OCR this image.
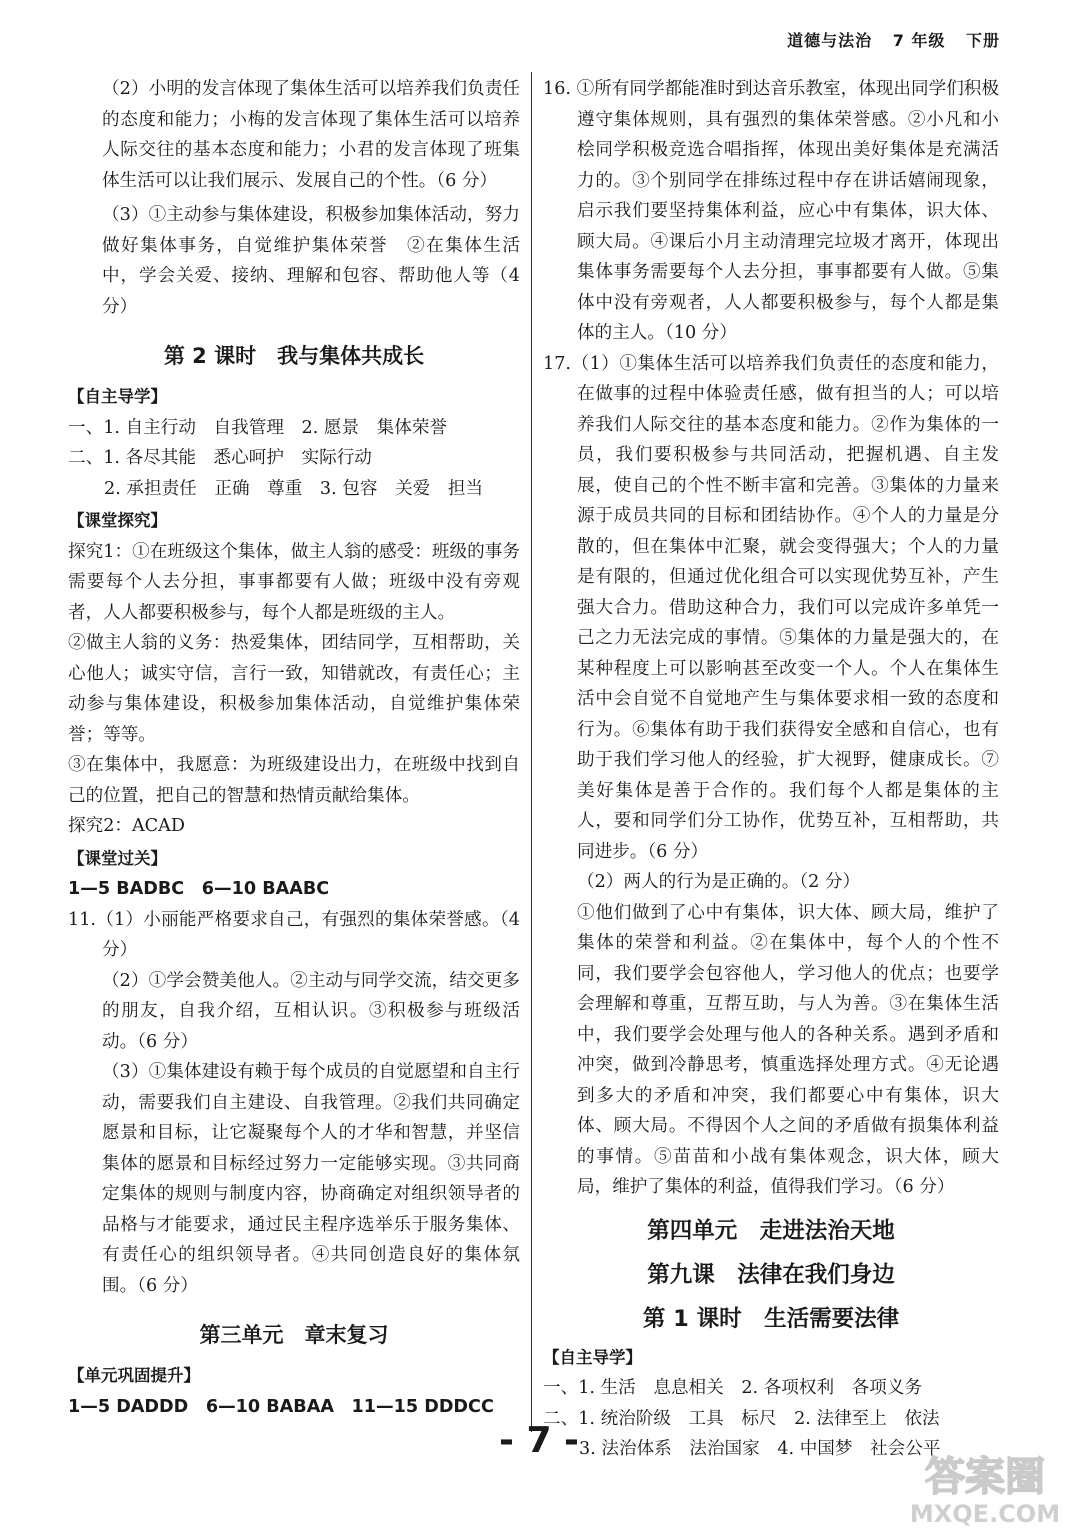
道德与法治 7 年级 下册

（2）小明的发言体现了集体生活可以培养我们负责任的态度和能力；小梅的发言体现了集体生活可以培养人际交往的基本态度和能力；小君的发言体现了班集体生活可以让我们展示、发展自己的个性。（6 分）

（3）①主动参与集体建设，积极参加集体活动，努力做好集体事务，自觉维护集体荣誉　②在集体生活中，学会关爱、接纳、理解和包容、帮助他人等（4 分）

第 2 课时　我与集体共成长

【自主导学】

一、1. 自主行动　自我管理　2. 愿景　集体荣誉

二、1. 各尽其能　悉心呵护　实际行动

2. 承担责任　正确　尊重　3. 包容　关爱　担当

【课堂探究】

探究1：①在班级这个集体，做主人翁的感受：班级的事务需要每个人去分担，事事都要有人做；班级中没有旁观者，人人都要积极参与，每个人都是班级的主人。

②做主人翁的义务：热爱集体，团结同学，互相帮助，关心他人；诚实守信，言行一致，知错就改，有责任心；主动参与集体建设，积极参加集体活动，自觉维护集体荣誉；等等。

③在集体中，我愿意：为班级建设出力，在班级中找到自己的位置，把自己的智慧和热情贡献给集体。

探究2：ACAD

【课堂过关】

1—5 BADBC　6—10 BAABC

11.（1）小丽能严格要求自己，有强烈的集体荣誉感。（4 分）

（2）①学会赞美他人。②主动与同学交流，结交更多的朋友，自我介绍，互相认识。③积极参与班级活动。（6 分）

（3）①集体建设有赖于每个成员的自觉愿望和自主行动，需要我们自主建设、自我管理。②我们共同确定愿景和目标，让它凝聚每个人的才华和智慧，并坚信集体的愿景和目标经过努力一定能够实现。③共同商定集体的规则与制度内容，协商确定对组织领导者的品格与才能要求，通过民主程序选举乐于服务集体、有责任心的组织领导者。④共同创造良好的集体氛围。（6 分）

第三单元　章末复习

【单元巩固提升】

1—5 DADDD　6—10 BABAA　11—15 DDDCC

16. ①所有同学都能准时到达音乐教室，体现出同学们积极遵守集体规则，具有强烈的集体荣誉感。②小凡和小桧同学积极竞选合唱指挥，体现出美好集体是充满活力的。③个别同学在排练过程中存在讲话嬉闹现象，启示我们要坚持集体利益，应心中有集体，识大体、顾大局。④课后小月主动清理完垃圾才离开，体现出集体事务需要每个人去分担，事事都要有人做。⑤集体中没有旁观者，人人都要积极参与，每个人都是集体的主人。（10 分）

17.（1）①集体生活可以培养我们负责任的态度和能力，在做事的过程中体验责任感，做有担当的人；可以培养我们人际交往的基本态度和能力。②作为集体的一员，我们要积极参与共同活动，把握机遇、自主发展，使自己的个性不断丰富和完善。③集体的力量来源于成员共同的目标和团结协作。④个人的力量是分散的，但在集体中汇聚，就会变得强大；个人的力量是有限的，但通过优化组合可以实现优势互补，产生强大合力。借助这种合力，我们可以完成许多单凭一己之力无法完成的事情。⑤集体的力量是强大的，在某种程度上可以影响甚至改变一个人。个人在集体生活中会自觉不自觉地产生与集体要求相一致的态度和行为。⑥集体有助于我们获得安全感和自信心，也有助于我们学习他人的经验，扩大视野，健康成长。⑦美好集体是善于合作的。我们每个人都是集体的主人，要和同学们分工协作，优势互补，互相帮助，共同进步。（6 分）

（2）两人的行为是正确的。（2 分）

①他们做到了心中有集体，识大体、顾大局，维护了集体的荣誉和利益。②在集体中，每个人的个性不同，我们要学会包容他人，学习他人的优点；也要学会理解和尊重，互帮互助，与人为善。③在集体生活中，我们要学会处理与他人的各种关系。遇到矛盾和冲突，做到冷静思考，慎重选择处理方式。④无论遇到多大的矛盾和冲突，我们都要心中有集体，识大体、顾大局。不得因个人之间的矛盾做有损集体利益的事情。⑤苗苗和小战有集体观念，识大体，顾大局，维护了集体的利益，值得我们学习。（6 分）

第四单元　走进法治天地
第九课　法律在我们身边
第 1 课时　生活需要法律

【自主导学】

一、1. 生活　息息相关　2. 各项权利　各项义务

二、1. 统治阶级　工具　标尺　2. 法律至上　依法

3. 法治体系　法治国家　4. 中国梦　社会公平

- 7 -
答案圈
MXQE.COM
